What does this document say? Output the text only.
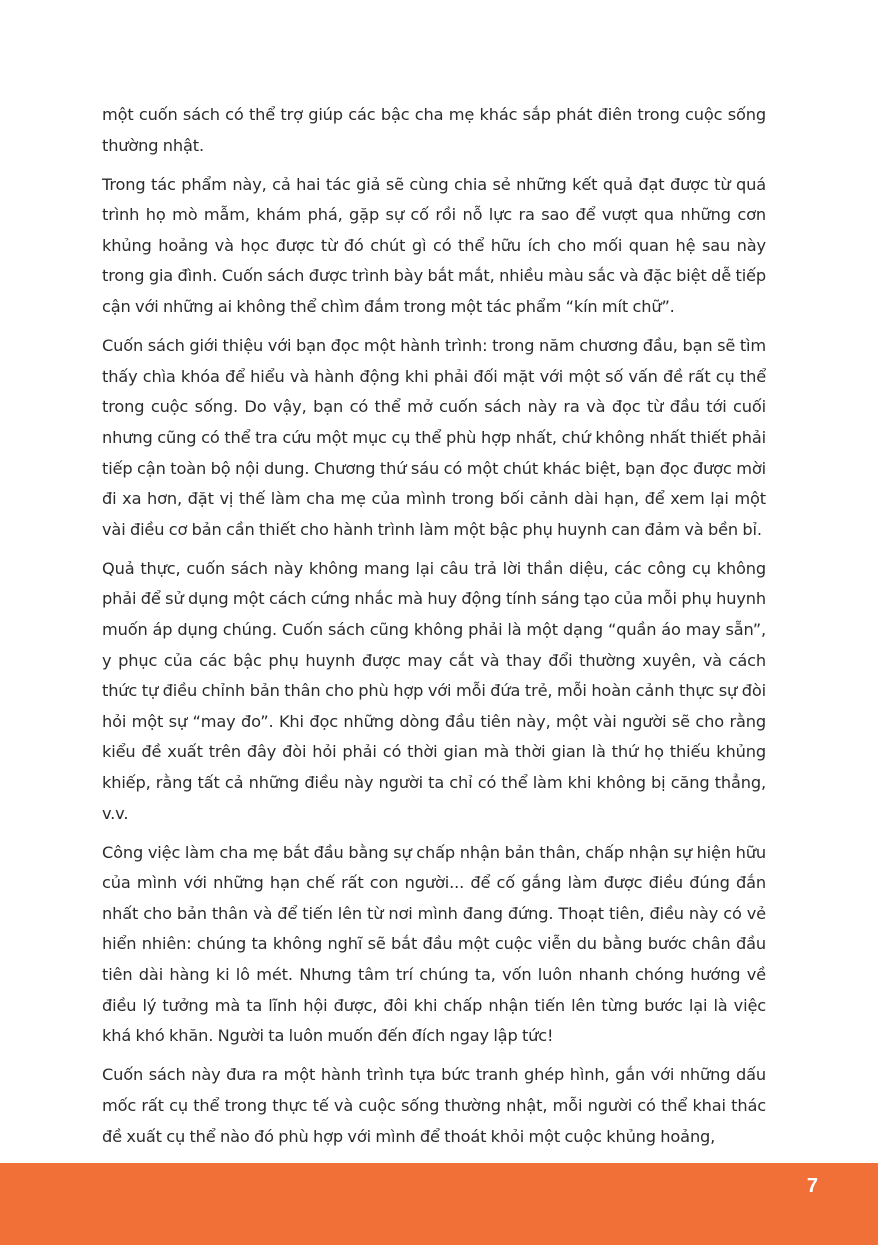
một cuốn sách có thể trợ giúp các bậc cha mẹ khác sắp phát điên trong cuộc sống thường nhật.

Trong tác phẩm này, cả hai tác giả sẽ cùng chia sẻ những kết quả đạt được từ quá trình họ mò mẫm, khám phá, gặp sự cố rồi nỗ lực ra sao để vượt qua những cơn khủng hoảng và học được từ đó chút gì có thể hữu ích cho mối quan hệ sau này trong gia đình. Cuốn sách được trình bày bắt mắt, nhiều màu sắc và đặc biệt dễ tiếp cận với những ai không thể chìm đắm trong một tác phẩm “kín mít chữ”.

Cuốn sách giới thiệu với bạn đọc một hành trình: trong năm chương đầu, bạn sẽ tìm thấy chìa khóa để hiểu và hành động khi phải đối mặt với một số vấn đề rất cụ thể trong cuộc sống. Do vậy, bạn có thể mở cuốn sách này ra và đọc từ đầu tới cuối nhưng cũng có thể tra cứu một mục cụ thể phù hợp nhất, chứ không nhất thiết phải tiếp cận toàn bộ nội dung. Chương thứ sáu có một chút khác biệt, bạn đọc được mời đi xa hơn, đặt vị thế làm cha mẹ của mình trong bối cảnh dài hạn, để xem lại một vài điều cơ bản cần thiết cho hành trình làm một bậc phụ huynh can đảm và bền bỉ.

Quả thực, cuốn sách này không mang lại câu trả lời thần diệu, các công cụ không phải để sử dụng một cách cứng nhắc mà huy động tính sáng tạo của mỗi phụ huynh muốn áp dụng chúng. Cuốn sách cũng không phải là một dạng “quần áo may sẵn”, y phục của các bậc phụ huynh được may cắt và thay đổi thường xuyên, và cách thức tự điều chỉnh bản thân cho phù hợp với mỗi đứa trẻ, mỗi hoàn cảnh thực sự đòi hỏi một sự “may đo”. Khi đọc những dòng đầu tiên này, một vài người sẽ cho rằng kiểu đề xuất trên đây đòi hỏi phải có thời gian mà thời gian là thứ họ thiếu khủng khiếp, rằng tất cả những điều này người ta chỉ có thể làm khi không bị căng thẳng, v.v.

Công việc làm cha mẹ bắt đầu bằng sự chấp nhận bản thân, chấp nhận sự hiện hữu của mình với những hạn chế rất con người... để cố gắng làm được điều đúng đắn nhất cho bản thân và để tiến lên từ nơi mình đang đứng. Thoạt tiên, điều này có vẻ hiển nhiên: chúng ta không nghĩ sẽ bắt đầu một cuộc viễn du bằng bước chân đầu tiên dài hàng ki lô mét. Nhưng tâm trí chúng ta, vốn luôn nhanh chóng hướng về điều lý tưởng mà ta lĩnh hội được, đôi khi chấp nhận tiến lên từng bước lại là việc khá khó khăn. Người ta luôn muốn đến đích ngay lập tức!

Cuốn sách này đưa ra một hành trình tựa bức tranh ghép hình, gắn với những dấu mốc rất cụ thể trong thực tế và cuộc sống thường nhật, mỗi người có thể khai thác đề xuất cụ thể nào đó phù hợp với mình để thoát khỏi một cuộc khủng hoảng,

7
